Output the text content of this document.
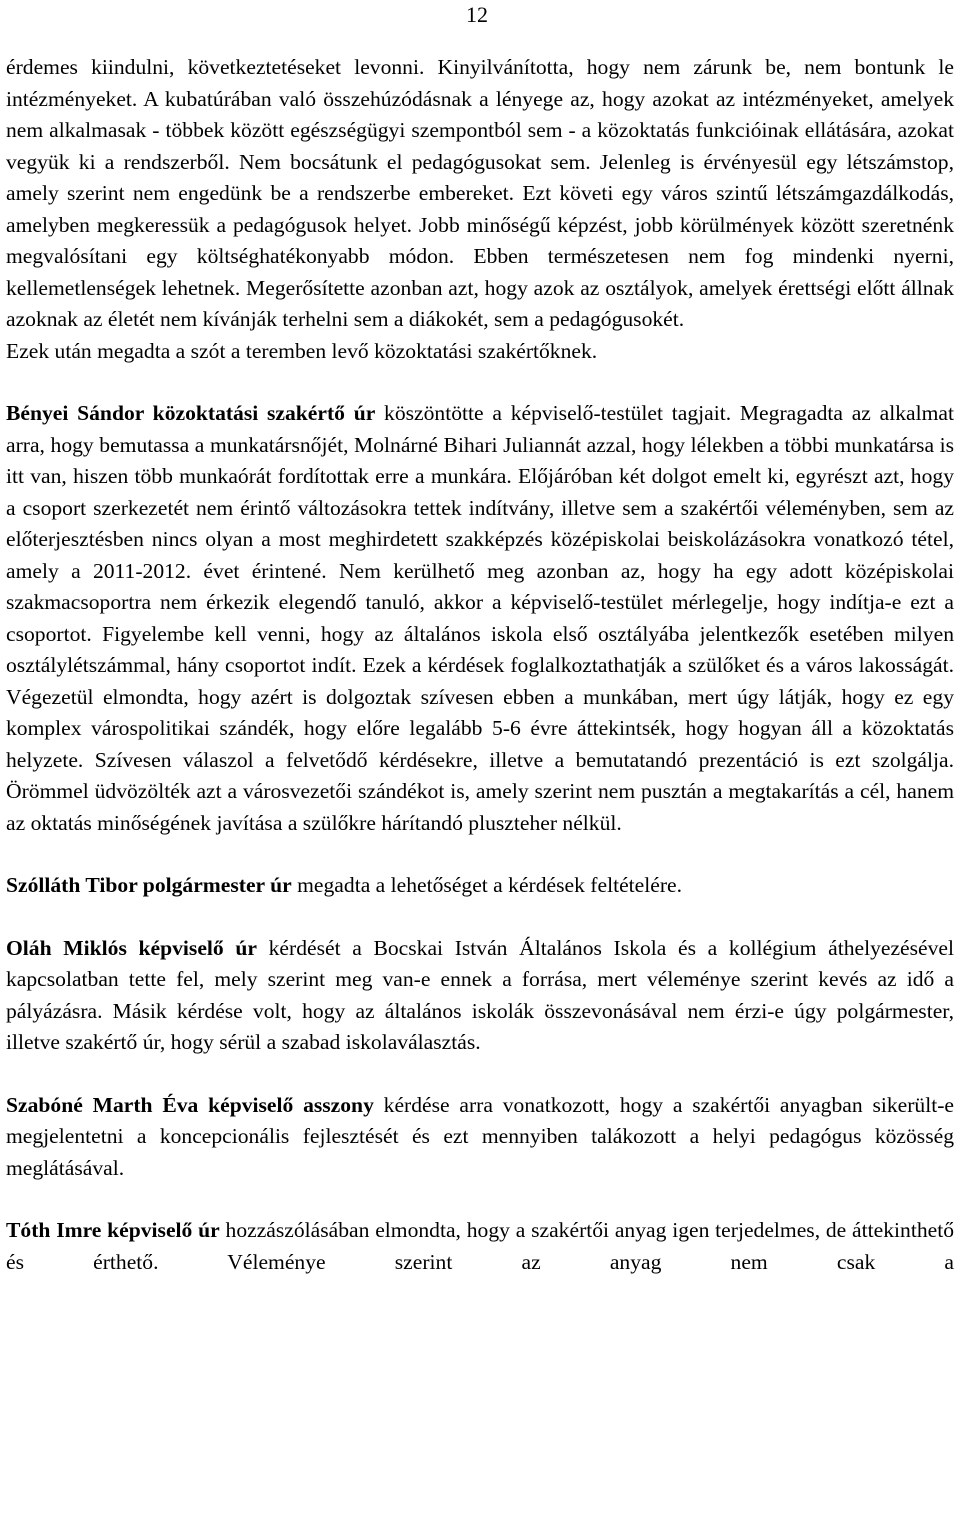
12

érdemes kiindulni, következtetéseket levonni. Kinyilvánította, hogy nem zárunk be, nem bontunk le intézményeket. A kubatúrában való összehúzódásnak a lényege az, hogy azokat az intézményeket, amelyek nem alkalmasak - többek között egészségügyi szempontból sem - a közoktatás funkcióinak ellátására, azokat vegyük ki a rendszerből. Nem bocsátunk el pedagógusokat sem. Jelenleg is érvényesül egy létszámstop, amely szerint nem engedünk be a rendszerbe embereket. Ezt követi egy város szintű létszámgazdálkodás, amelyben megkeressük a pedagógusok helyet. Jobb minőségű képzést, jobb körülmények között szeretnénk megvalósítani egy költséghatékonyabb módon. Ebben természetesen nem fog mindenki nyerni, kellemetlenségek lehetnek. Megerősítette azonban azt, hogy azok az osztályok, amelyek érettségi előtt állnak azoknak az életét nem kívánják terhelni sem a diákokét, sem a pedagógusokét.

Ezek után megadta a szót a teremben levő közoktatási szakértőknek.

Bényei Sándor közoktatási szakértő úr köszöntötte a képviselő-testület tagjait. Megragadta az alkalmat arra, hogy bemutassa a munkatársnőjét, Molnárné Bihari Juliannát azzal, hogy lélekben a többi munkatársa is itt van, hiszen több munkaórát fordítottak erre a munkára. Előjáróban két dolgot emelt ki, egyrészt azt, hogy a csoport szerkezetét nem érintő változásokra tettek indítvány, illetve sem a szakértői véleményben, sem az előterjesztésben nincs olyan a most meghirdetett szakképzés középiskolai beiskolázásokra vonatkozó tétel, amely a 2011-2012. évet érintené. Nem kerülhető meg azonban az, hogy ha egy adott középiskolai szakmacsoportra nem érkezik elegendő tanuló, akkor a képviselő-testület mérlegelje, hogy indítja-e ezt a csoportot. Figyelembe kell venni, hogy az általános iskola első osztályába jelentkezők esetében milyen osztálylétszámmal, hány csoportot indít. Ezek a kérdések foglalkoztathatják a szülőket és a város lakosságát. Végezetül elmondta, hogy azért is dolgoztak szívesen ebben a munkában, mert úgy látják, hogy ez egy komplex várospolitikai szándék, hogy előre legalább 5-6 évre áttekintsék, hogy hogyan áll a közoktatás helyzete. Szívesen válaszol a felvetődő kérdésekre, illetve a bemutatandó prezentáció is ezt szolgálja. Örömmel üdvözölték azt a városvezetői szándékot is, amely szerint nem pusztán a megtakarítás a cél, hanem az oktatás minőségének javítása a szülőkre hárítandó pluszteher nélkül.

Szólláth Tibor polgármester úr megadta a lehetőséget a kérdések feltételére.

Oláh Miklós képviselő úr kérdését a Bocskai István Általános Iskola és a kollégium áthelyezésével kapcsolatban tette fel, mely szerint meg van-e ennek a forrása, mert véleménye szerint kevés az idő a pályázásra. Másik kérdése volt, hogy az általános iskolák összevonásával nem érzi-e úgy polgármester, illetve szakértő úr, hogy sérül a szabad iskolaválasztás.

Szabóné Marth Éva képviselő asszony kérdése arra vonatkozott, hogy a szakértői anyagban sikerült-e megjelentetni a koncepcionális fejlesztését és ezt mennyiben talákozott a helyi pedagógus közösség meglátásával.

Tóth Imre képviselő úr hozzászólásában elmondta, hogy a szakértői anyag igen terjedelmes, de áttekinthető és érthető. Véleménye szerint az anyag nem csak a
